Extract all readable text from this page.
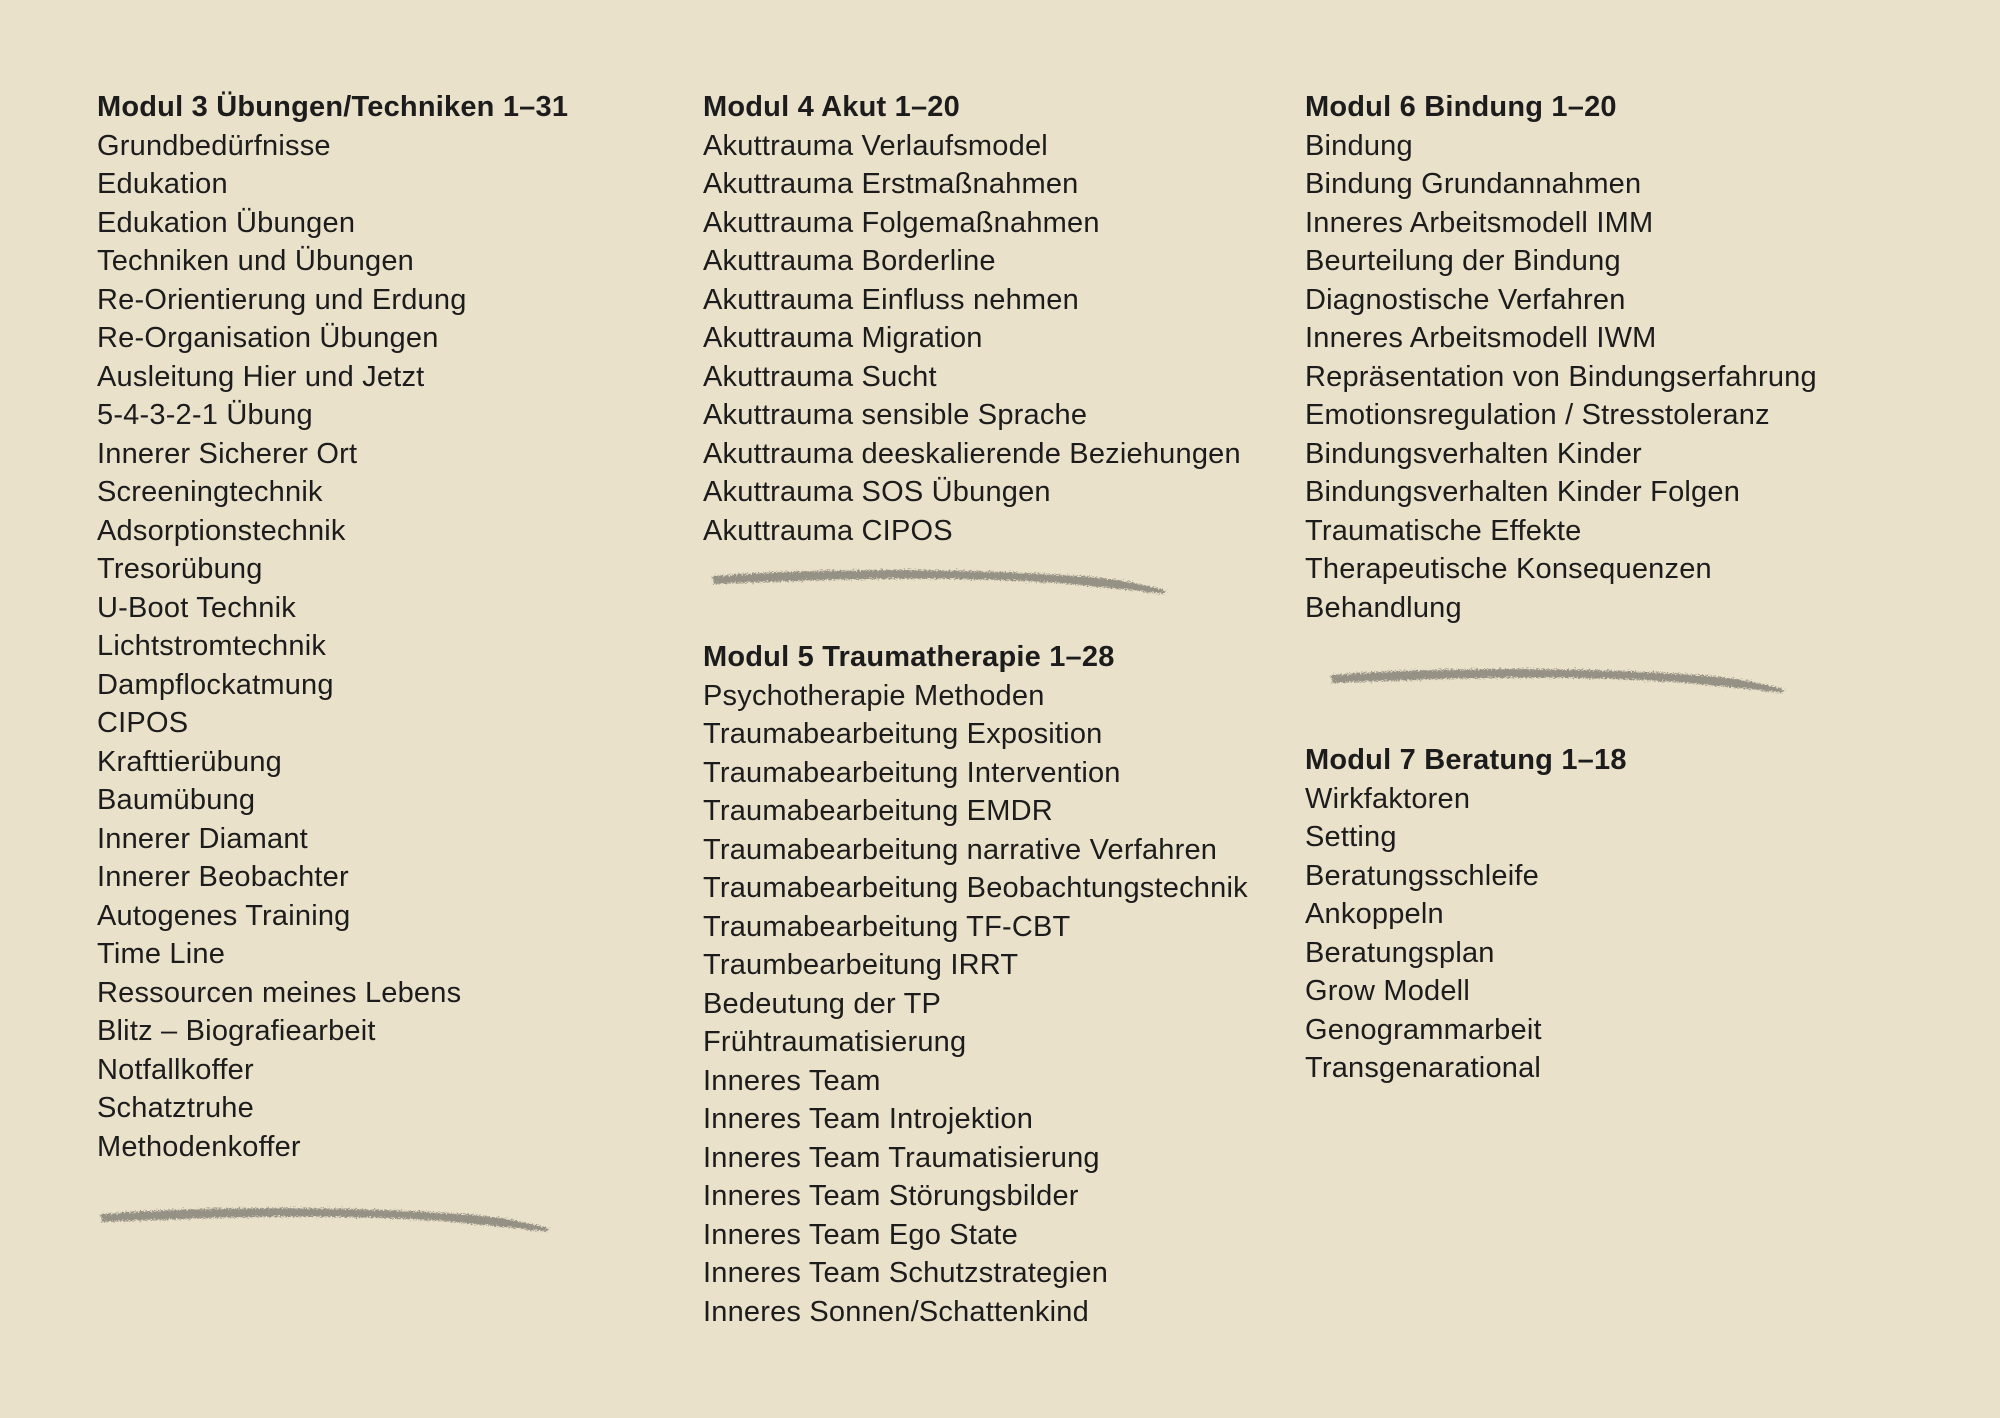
Modul 3 Übungen/Techniken 1–31
Grundbedürfnisse
Edukation
Edukation Übungen
Techniken und Übungen
Re-Orientierung und Erdung
Re-Organisation Übungen
Ausleitung Hier und Jetzt
5-4-3-2-1 Übung
Innerer Sicherer Ort
Screeningtechnik
Adsorptionstechnik
Tresorübung
U-Boot Technik
Lichtstromtechnik
Dampflockatmung
CIPOS
Krafttierübung
Baumübung
Innerer Diamant
Innerer Beobachter
Autogenes Training
Time Line
Ressourcen meines Lebens
Blitz – Biografiearbeit
Notfallkoffer
Schatztruhe
Methodenkoffer
Modul 4 Akut 1–20
Akuttrauma Verlaufsmodel
Akuttrauma Erstmaßnahmen
Akuttrauma Folgemaßnahmen
Akuttrauma Borderline
Akuttrauma Einfluss nehmen
Akuttrauma Migration
Akuttrauma Sucht
Akuttrauma sensible Sprache
Akuttrauma deeskalierende Beziehungen
Akuttrauma SOS Übungen
Akuttrauma CIPOS
Modul 5 Traumatherapie 1–28
Psychotherapie Methoden
Traumabearbeitung Exposition
Traumabearbeitung Intervention
Traumabearbeitung EMDR
Traumabearbeitung narrative Verfahren
Traumabearbeitung Beobachtungstechnik
Traumabearbeitung TF-CBT
Traumbearbeitung IRRT
Bedeutung der TP
Frühtraumatisierung
Inneres Team
Inneres Team Introjektion
Inneres Team Traumatisierung
Inneres Team Störungsbilder
Inneres Team Ego State
Inneres Team Schutzstrategien
Inneres Sonnen/Schattenkind
Modul 6 Bindung 1–20
Bindung
Bindung Grundannahmen
Inneres Arbeitsmodell IMM
Beurteilung der Bindung
Diagnostische Verfahren
Inneres Arbeitsmodell IWM
Repräsentation von Bindungserfahrung
Emotionsregulation / Stresstoleranz
Bindungsverhalten Kinder
Bindungsverhalten Kinder Folgen
Traumatische Effekte
Therapeutische Konsequenzen
Behandlung
Modul 7 Beratung 1–18
Wirkfaktoren
Setting
Beratungsschleife
Ankoppeln
Beratungsplan
Grow Modell
Genogrammarbeit
Transgenarational
